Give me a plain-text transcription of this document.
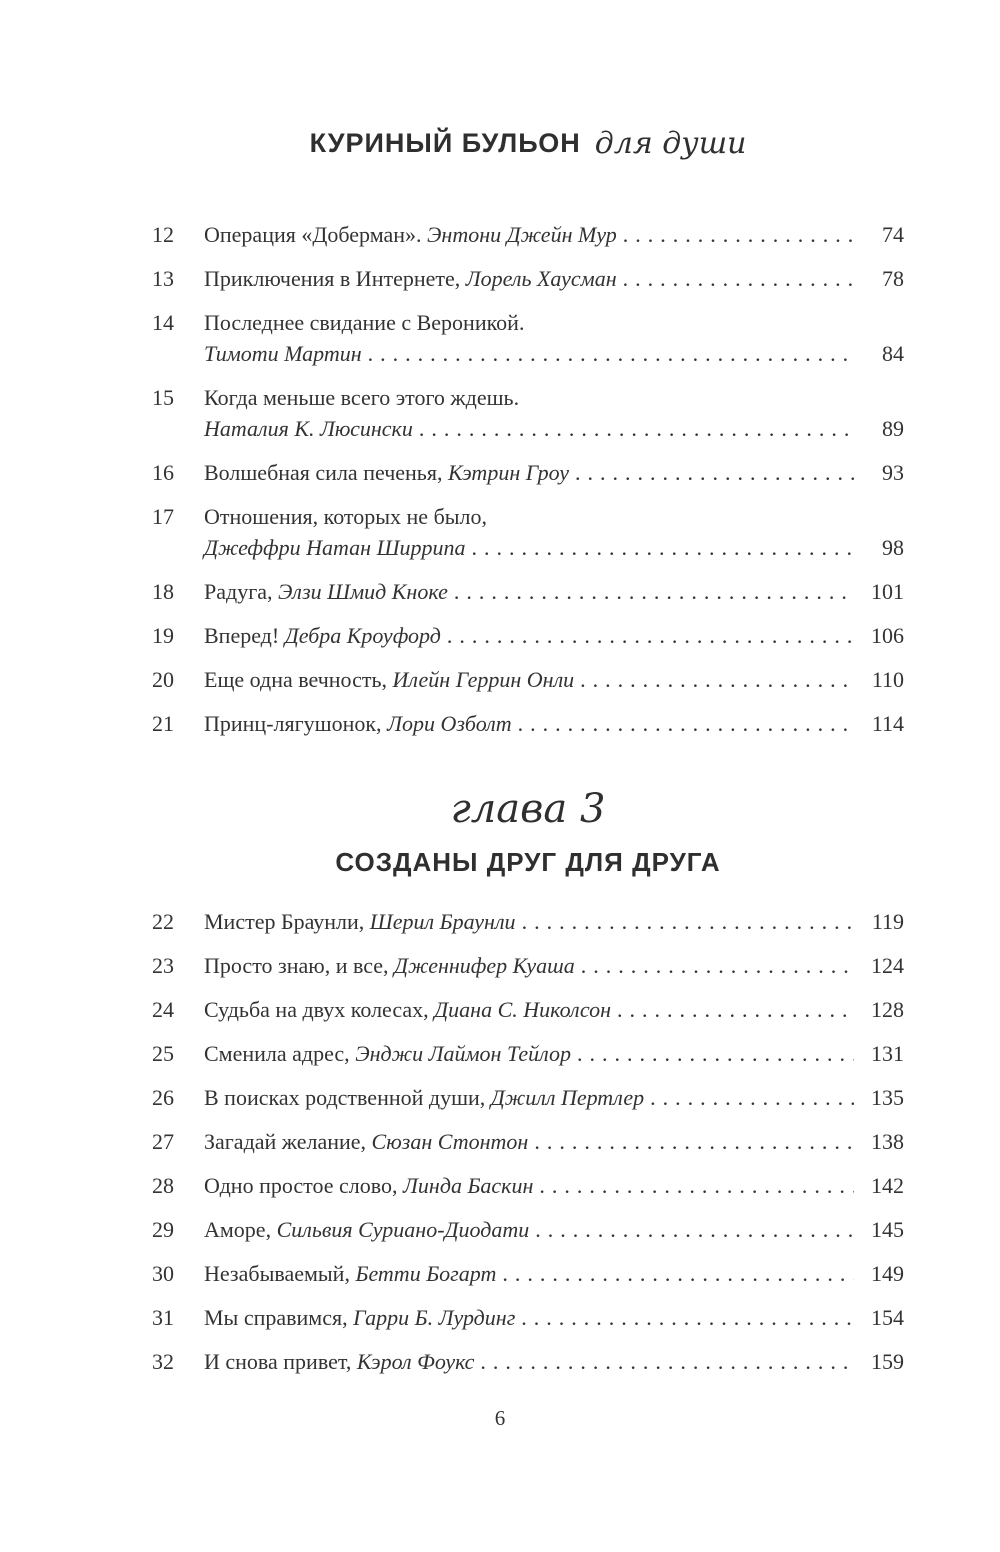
КУРИНЫЙ БУЛЬОН для души
12	Операция «Доберман». Энтони Джейн Мур .....	74
13	Приключения в Интернете, Лорель Хаусман .....	78
14	Последнее свидание с Вероникой.
Тимоти Мартин .....	84
15	Когда меньше всего этого ждешь.
Наталия К. Люсински .....	89
16	Волшебная сила печенья, Кэтрин Гроу .....	93
17	Отношения, которых не было,
Джеффри Натан Ширрипа .....	98
18	Радуга, Элзи Шмид Кноке .....	101
19	Вперед! Дебра Кроуфорд .....	106
20	Еще одна вечность, Илейн Геррин Онли .....	110
21	Принц-лягушонок, Лори Озболт .....	114
глава 3
СОЗДАНЫ ДРУГ ДЛЯ ДРУГА
22	Мистер Браунли, Шерил Браунли .....	119
23	Просто знаю, и все, Дженнифер Куаша .....	124
24	Судьба на двух колесах, Диана С. Николсон .....	128
25	Сменила адрес, Энджи Лаймон Тейлор .....	131
26	В поисках родственной души, Джилл Пертлер .....	135
27	Загадай желание, Сюзан Стонтон .....	138
28	Одно простое слово, Линда Баскин .....	142
29	Аморе, Сильвия Суриано-Диодати .....	145
30	Незабываемый, Бетти Богарт .....	149
31	Мы справимся, Гарри Б. Лурдинг .....	154
32	И снова привет, Кэрол Фоукс .....	159
6
